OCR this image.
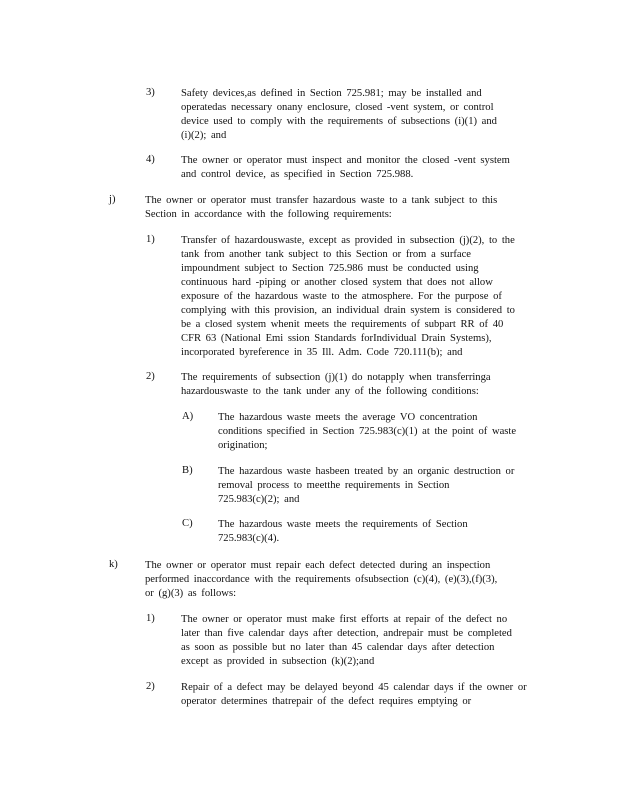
3) Safety devices,as defined in Section 725.981; may be installed and
operatedas necessary onany enclosure, closed -vent system, or control
device used to comply with the requirements of subsections (i)(1) and
(i)(2); and
4) The owner or operator must inspect and monitor the closed -vent system
and control device, as specified in Section 725.988.
j)	The owner or operator must transfer hazardous waste to a tank subject to this
Section in accordance with the following requirements:
1) Transfer of hazardouswaste, except as provided in subsection (j)(2), to the
tank from another tank subject to this Section or from a surface
impoundment subject to Section 725.986 must be conducted using
continuous hard -piping or another closed system that does not allow
exposure of the hazardous waste to the atmosphere. For the purpose of
complying with this provision, an individual drain system is considered to
be a closed system whenit meets the requirements of subpart RR of 40
CFR 63 (National Emi ssion Standards forIndividual Drain Systems),
incorporated byreference in 35 Ill. Adm. Code 720.111(b); and
2) The requirements of subsection (j)(1) do notapply when transferringa
hazardouswaste to the tank under any of the following conditions:
A) The hazardous waste meets the average VO concentration
conditions specified in Section 725.983(c)(1) at the point of waste
origination;
B) The hazardous waste hasbeen treated by an organic destruction or
removal process to meetthe requirements in Section
725.983(c)(2); and
C) The hazardous waste meets the requirements of Section
725.983(c)(4).
k)	The owner or operator must repair each defect detected during an inspection
performed inaccordance with the requirements ofsubsection (c)(4), (e)(3),(f)(3),
or (g)(3) as follows:
1) The owner or operator must make first efforts at repair of the defect no
later than five calendar days after detection, andrepair must be completed
as soon as possible but no later than 45 calendar days after detection
except as provided in subsection (k)(2);and
2) Repair of a defect may be delayed beyond 45 calendar days if the owner or
operator determines thatrepair of the defect requires emptying or
